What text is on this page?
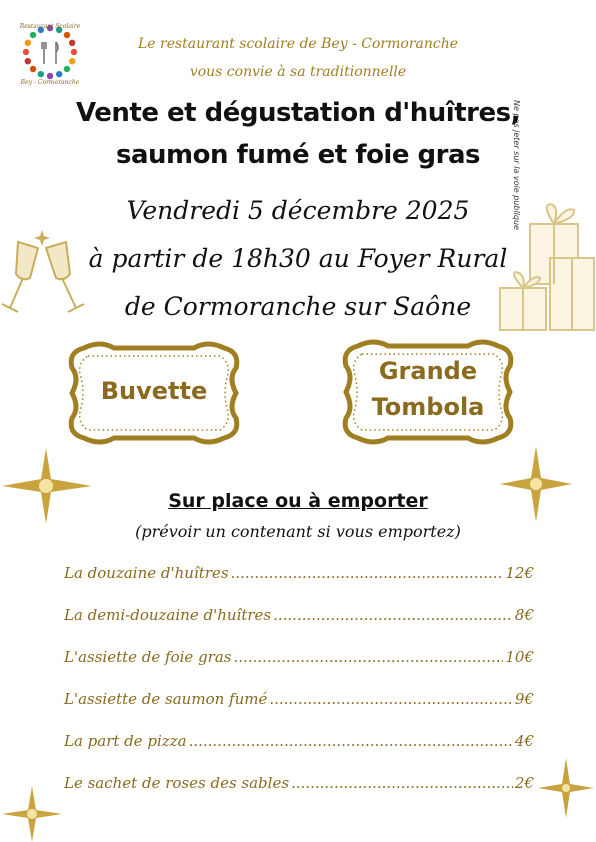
Restaurant Scolaire
Bey - Cormoranche
Ne pas jeter sur la voie publique
Le restaurant scolaire de Bey - Cormoranche
vous convie à sa traditionnelle
Vente et dégustation d'huîtres,
saumon fumé et foie gras
Vendredi 5 décembre 2025
à partir de 18h30 au Foyer Rural
de Cormoranche sur Saône
Buvette
Grande
Tombola
Sur place ou à emporter
(prévoir un contenant si vous emportez)
La douzaine d'huîtres .....	12€
La demi-douzaine d'huîtres .....	8€
L'assiette de foie gras .....	10€
L'assiette de saumon fumé .....	9€
La part de pizza .....	4€
Le sachet de roses des sables .....	2€
